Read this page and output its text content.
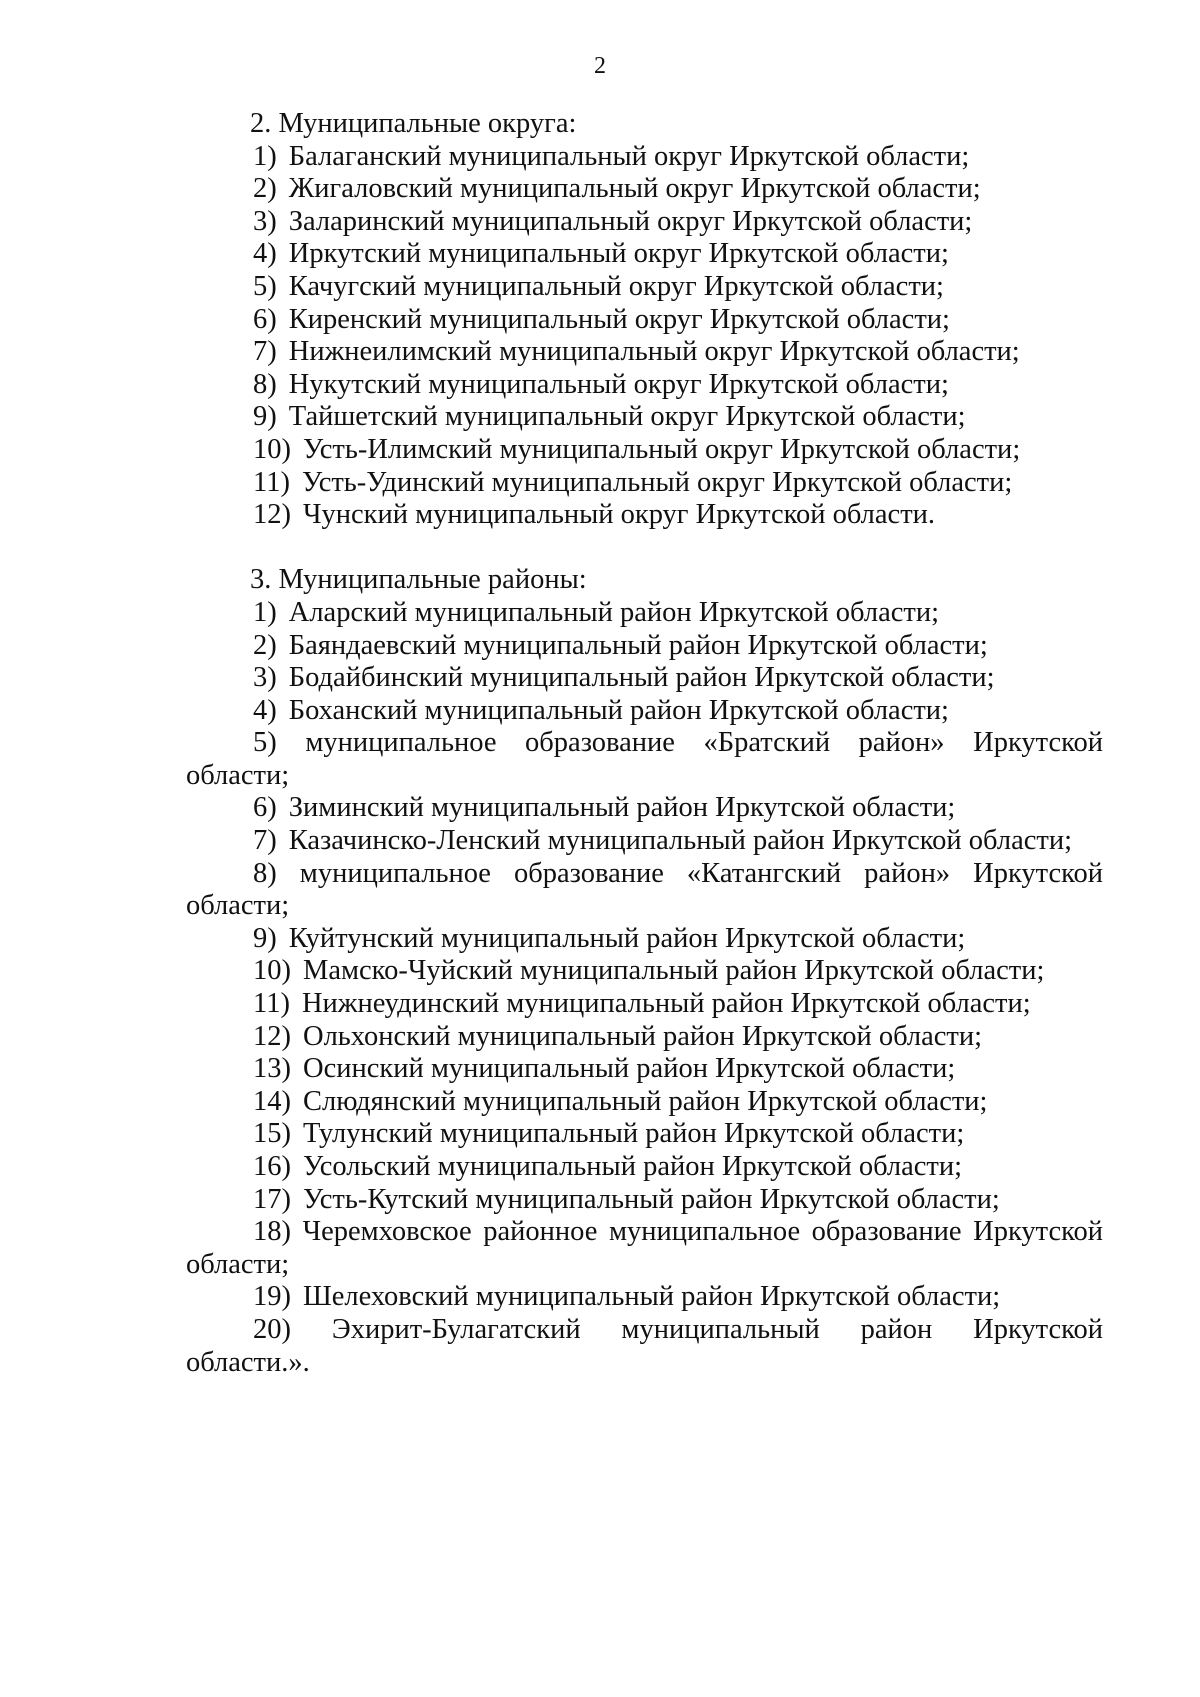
2
2. Муниципальные округа:
1) Балаганский муниципальный округ Иркутской области;
2) Жигаловский муниципальный округ Иркутской области;
3) Заларинский муниципальный округ Иркутской области;
4) Иркутский муниципальный округ Иркутской области;
5) Качугский муниципальный округ Иркутской области;
6) Киренский муниципальный округ Иркутской области;
7) Нижнеилимский муниципальный округ Иркутской области;
8) Нукутский муниципальный округ Иркутской области;
9) Тайшетский муниципальный округ Иркутской области;
10) Усть-Илимский муниципальный округ Иркутской области;
11) Усть-Удинский муниципальный округ Иркутской области;
12) Чунский муниципальный округ Иркутской области.
3. Муниципальные районы:
1) Аларский муниципальный район Иркутской области;
2) Баяндаевский муниципальный район Иркутской области;
3) Бодайбинский муниципальный район Иркутской области;
4) Боханский муниципальный район Иркутской области;
5) муниципальное образование «Братский район» Иркутской
области;
6) Зиминский муниципальный район Иркутской области;
7) Казачинско-Ленский муниципальный район Иркутской области;
8) муниципальное образование «Катангский район» Иркутской
области;
9) Куйтунский муниципальный район Иркутской области;
10) Мамско-Чуйский муниципальный район Иркутской области;
11) Нижнеудинский муниципальный район Иркутской области;
12) Ольхонский муниципальный район Иркутской области;
13) Осинский муниципальный район Иркутской области;
14) Слюдянский муниципальный район Иркутской области;
15) Тулунский муниципальный район Иркутской области;
16) Усольский муниципальный район Иркутской области;
17) Усть-Кутский муниципальный район Иркутской области;
18) Черемховское районное муниципальное образование Иркутской
области;
19) Шелеховский муниципальный район Иркутской области;
20) Эхирит-Булагатский муниципальный район Иркутской
области.».
